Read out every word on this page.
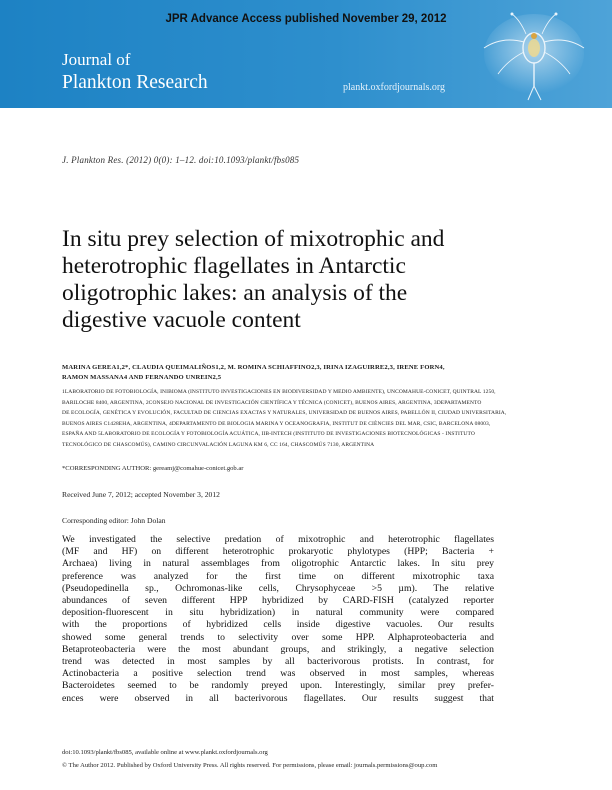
JPR Advance Access published November 29, 2012
Journal of
Plankton Research	plankt.oxfordjournals.org
J. Plankton Res. (2012) 0(0): 1–12. doi:10.1093/plankt/fbs085
In situ prey selection of mixotrophic and
heterotrophic flagellates in Antarctic
oligotrophic lakes: an analysis of the
digestive vacuole content
MARINA GEREA1,2*, CLAUDIA QUEIMALIÑOS1,2, M. ROMINA SCHIAFFINO2,3, IRINA IZAGUIRRE2,3, IRENE FORN4,
RAMON MASSANA4 AND FERNANDO UNREIN2,5
1LABORATORIO DE FOTOBIOLOGÍA, INIBIOMA (INSTITUTO INVESTIGACIONES EN BIODIVERSIDAD Y MEDIO AMBIENTE), UNCOMAHUE-CONICET, QUINTRAL 1250,
BARILOCHE 8400, ARGENTINA, 2CONSEJO NACIONAL DE INVESTIGACIÓN CIENTÍFICA Y TÉCNICA (CONICET), BUENOS AIRES, ARGENTINA, 3DEPARTAMENTO
DE ECOLOGÍA, GENÉTICA Y EVOLUCIÓN, FACULTAD DE CIENCIAS EXACTAS Y NATURALES, UNIVERSIDAD DE BUENOS AIRES, PABELLÓN II, CIUDAD UNIVERSITARIA,
BUENOS AIRES C1428EHA, ARGENTINA, 4DEPARTAMENTO DE BIOLOGIA MARINA Y OCEANOGRAFIA, INSTITUT DE CIÈNCIES DEL MAR, CSIC, BARCELONA 08003,
ESPAÑA AND 5LABORATORIO DE ECOLOGÍA Y FOTOBIOLOGÍA ACUÁTICA, IIB-INTECH (INSTITUTO DE INVESTIGACIONES BIOTECNOLÓGICAS - INSTITUTO
TECNOLÓGICO DE CHASCOMÚS), CAMINO CIRCUNVALACIÓN LAGUNA KM 6, CC 164, CHASCOMÚS 7130, ARGENTINA
*CORRESPONDING AUTHOR: gereamj@comahue-conicet.gob.ar
Received June 7, 2012; accepted November 3, 2012
Corresponding editor: John Dolan
We investigated the selective predation of mixotrophic and heterotrophic flagellates
(MF and HF) on different heterotrophic prokaryotic phylotypes (HPP; Bacteria +
Archaea) living in natural assemblages from oligotrophic Antarctic lakes. In situ prey
preference was analyzed for the first time on different mixotrophic taxa
(Pseudopedinella sp., Ochromonas-like cells, Chrysophyceae >5 µm). The relative
abundances of seven different HPP hybridized by CARD-FISH (catalyzed reporter
deposition-fluorescent in situ hybridization) in natural community were compared
with the proportions of hybridized cells inside digestive vacuoles. Our results
showed some general trends to selectivity over some HPP. Alphaproteobacteria and
Betaproteobacteria were the most abundant groups, and strikingly, a negative selection
trend was detected in most samples by all bacterivorous protists. In contrast, for
Actinobacteria a positive selection trend was observed in most samples, whereas
Bacteroidetes seemed to be randomly preyed upon. Interestingly, similar prey prefer-
ences were observed in all bacterivorous flagellates. Our results suggest that
doi:10.1093/plankt/fbs085, available online at www.plankt.oxfordjournals.org
© The Author 2012. Published by Oxford University Press. All rights reserved. For permissions, please email: journals.permissions@oup.com
